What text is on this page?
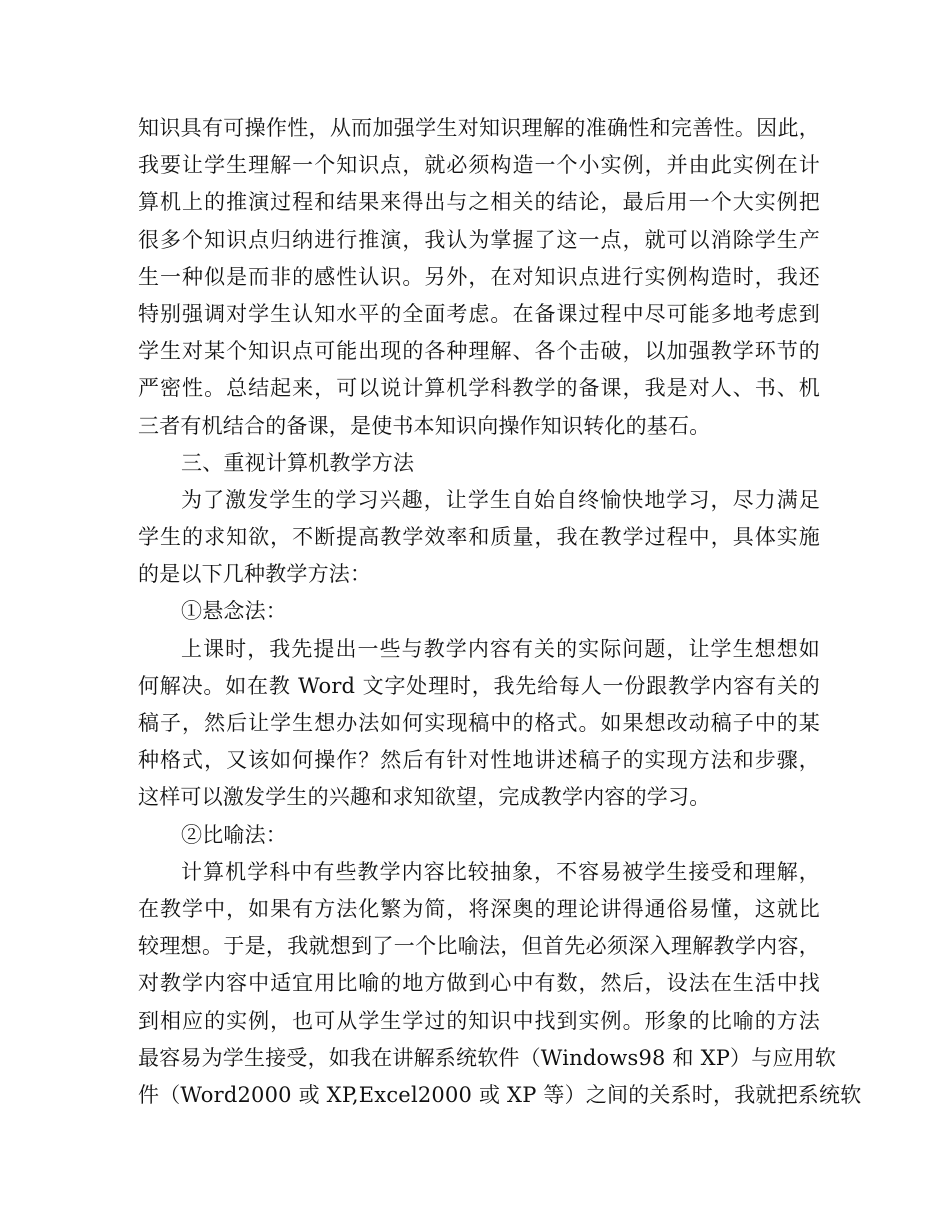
知识具有可操作性，从而加强学生对知识理解的准确性和完善性。因此，
我要让学生理解一个知识点，就必须构造一个小实例，并由此实例在计
算机上的推演过程和结果来得出与之相关的结论，最后用一个大实例把
很多个知识点归纳进行推演，我认为掌握了这一点，就可以消除学生产
生一种似是而非的感性认识。另外，在对知识点进行实例构造时，我还
特别强调对学生认知水平的全面考虑。在备课过程中尽可能多地考虑到
学生对某个知识点可能出现的各种理解、各个击破，以加强教学环节的
严密性。总结起来，可以说计算机学科教学的备课，我是对人、书、机
三者有机结合的备课，是使书本知识向操作知识转化的基石。
三、重视计算机教学方法
为了激发学生的学习兴趣，让学生自始自终愉快地学习，尽力满足
学生的求知欲，不断提高教学效率和质量，我在教学过程中，具体实施
的是以下几种教学方法：
①悬念法：
上课时，我先提出一些与教学内容有关的实际问题，让学生想想如
何解决。如在教 Word 文字处理时，我先给每人一份跟教学内容有关的
稿子，然后让学生想办法如何实现稿中的格式。如果想改动稿子中的某
种格式，又该如何操作？然后有针对性地讲述稿子的实现方法和步骤，
这样可以激发学生的兴趣和求知欲望，完成教学内容的学习。
②比喻法：
计算机学科中有些教学内容比较抽象，不容易被学生接受和理解，
在教学中，如果有方法化繁为简，将深奥的理论讲得通俗易懂，这就比
较理想。于是，我就想到了一个比喻法，但首先必须深入理解教学内容，
对教学内容中适宜用比喻的地方做到心中有数，然后，设法在生活中找
到相应的实例，也可从学生学过的知识中找到实例。形象的比喻的方法
最容易为学生接受，如我在讲解系统软件（Windows98 和 XP）与应用软
件（Word2000 或 XP,Excel2000 或 XP 等）之间的关系时，我就把系统软
